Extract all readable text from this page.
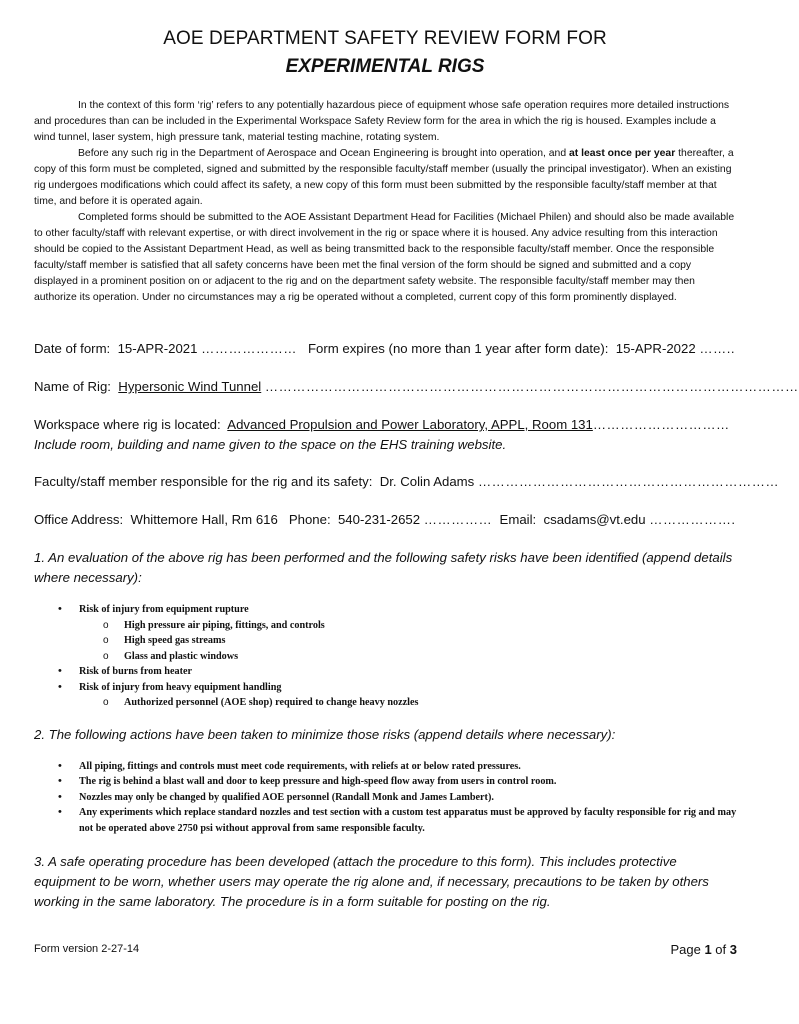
AOE DEPARTMENT SAFETY REVIEW FORM FOR
EXPERIMENTAL RIGS

In the context of this form ‘rig’ refers to any potentially hazardous piece of equipment whose safe operation requires more detailed instructions and procedures than can be included in the Experimental Workspace Safety Review form for the area in which the rig is housed. Examples include a wind tunnel, laser system, high pressure tank, material testing machine, rotating system.

Before any such rig in the Department of Aerospace and Ocean Engineering is brought into operation, and at least once per year thereafter, a copy of this form must be completed, signed and submitted by the responsible faculty/staff member (usually the principal investigator). When an existing rig undergoes modifications which could affect its safety, a new copy of this form must been submitted by the responsible faculty/staff member at that time, and before it is operated again.

Completed forms should be submitted to the AOE Assistant Department Head for Facilities (Michael Philen) and should also be made available to other faculty/staff with relevant expertise, or with direct involvement in the rig or space where it is housed. Any advice resulting from this interaction should be copied to the Assistant Department Head, as well as being transmitted back to the responsible faculty/staff member. Once the responsible faculty/staff member is satisfied that all safety concerns have been met the final version of the form should be signed and submitted and a copy displayed in a prominent position on or adjacent to the rig and on the department safety website. The responsible faculty/staff member may then authorize its operation. Under no circumstances may a rig be operated without a completed, current copy of this form prominently displayed.

Date of form: 15-APR-2021 ………………… Form expires (no more than 1 year after form date): 15-APR-2022 ……..
Name of Rig: Hypersonic Wind Tunnel ………………………………………………………………………………………………………
Workspace where rig is located: Advanced Propulsion and Power Laboratory, APPL, Room 131…………………………
Include room, building and name given to the space on the EHS training website.
Faculty/staff member responsible for the rig and its safety: Dr. Colin Adams …………………………………………………………
Office Address: Whittemore Hall, Rm 616 Phone: 540-231-2652 …………… Email: csadams@vt.edu ……………….
1. An evaluation of the above rig has been performed and the following safety risks have been identified (append details where necessary):
• Risk of injury from equipment rupture
o High pressure air piping, fittings, and controls
o High speed gas streams
o Glass and plastic windows
• Risk of burns from heater
• Risk of injury from heavy equipment handling
o Authorized personnel (AOE shop) required to change heavy nozzles
2. The following actions have been taken to minimize those risks (append details where necessary):
• All piping, fittings and controls must meet code requirements, with reliefs at or below rated pressures.
• The rig is behind a blast wall and door to keep pressure and high-speed flow away from users in control room.
• Nozzles may only be changed by qualified AOE personnel (Randall Monk and James Lambert).
• Any experiments which replace standard nozzles and test section with a custom test apparatus must be approved by faculty responsible for rig and may not be operated above 2750 psi without approval from same responsible faculty.
3. A safe operating procedure has been developed (attach the procedure to this form). This includes protective equipment to be worn, whether users may operate the rig alone and, if necessary, precautions to be taken by others working in the same laboratory. The procedure is in a form suitable for posting on the rig.
Form version 2-27-14	Page 1 of 3
